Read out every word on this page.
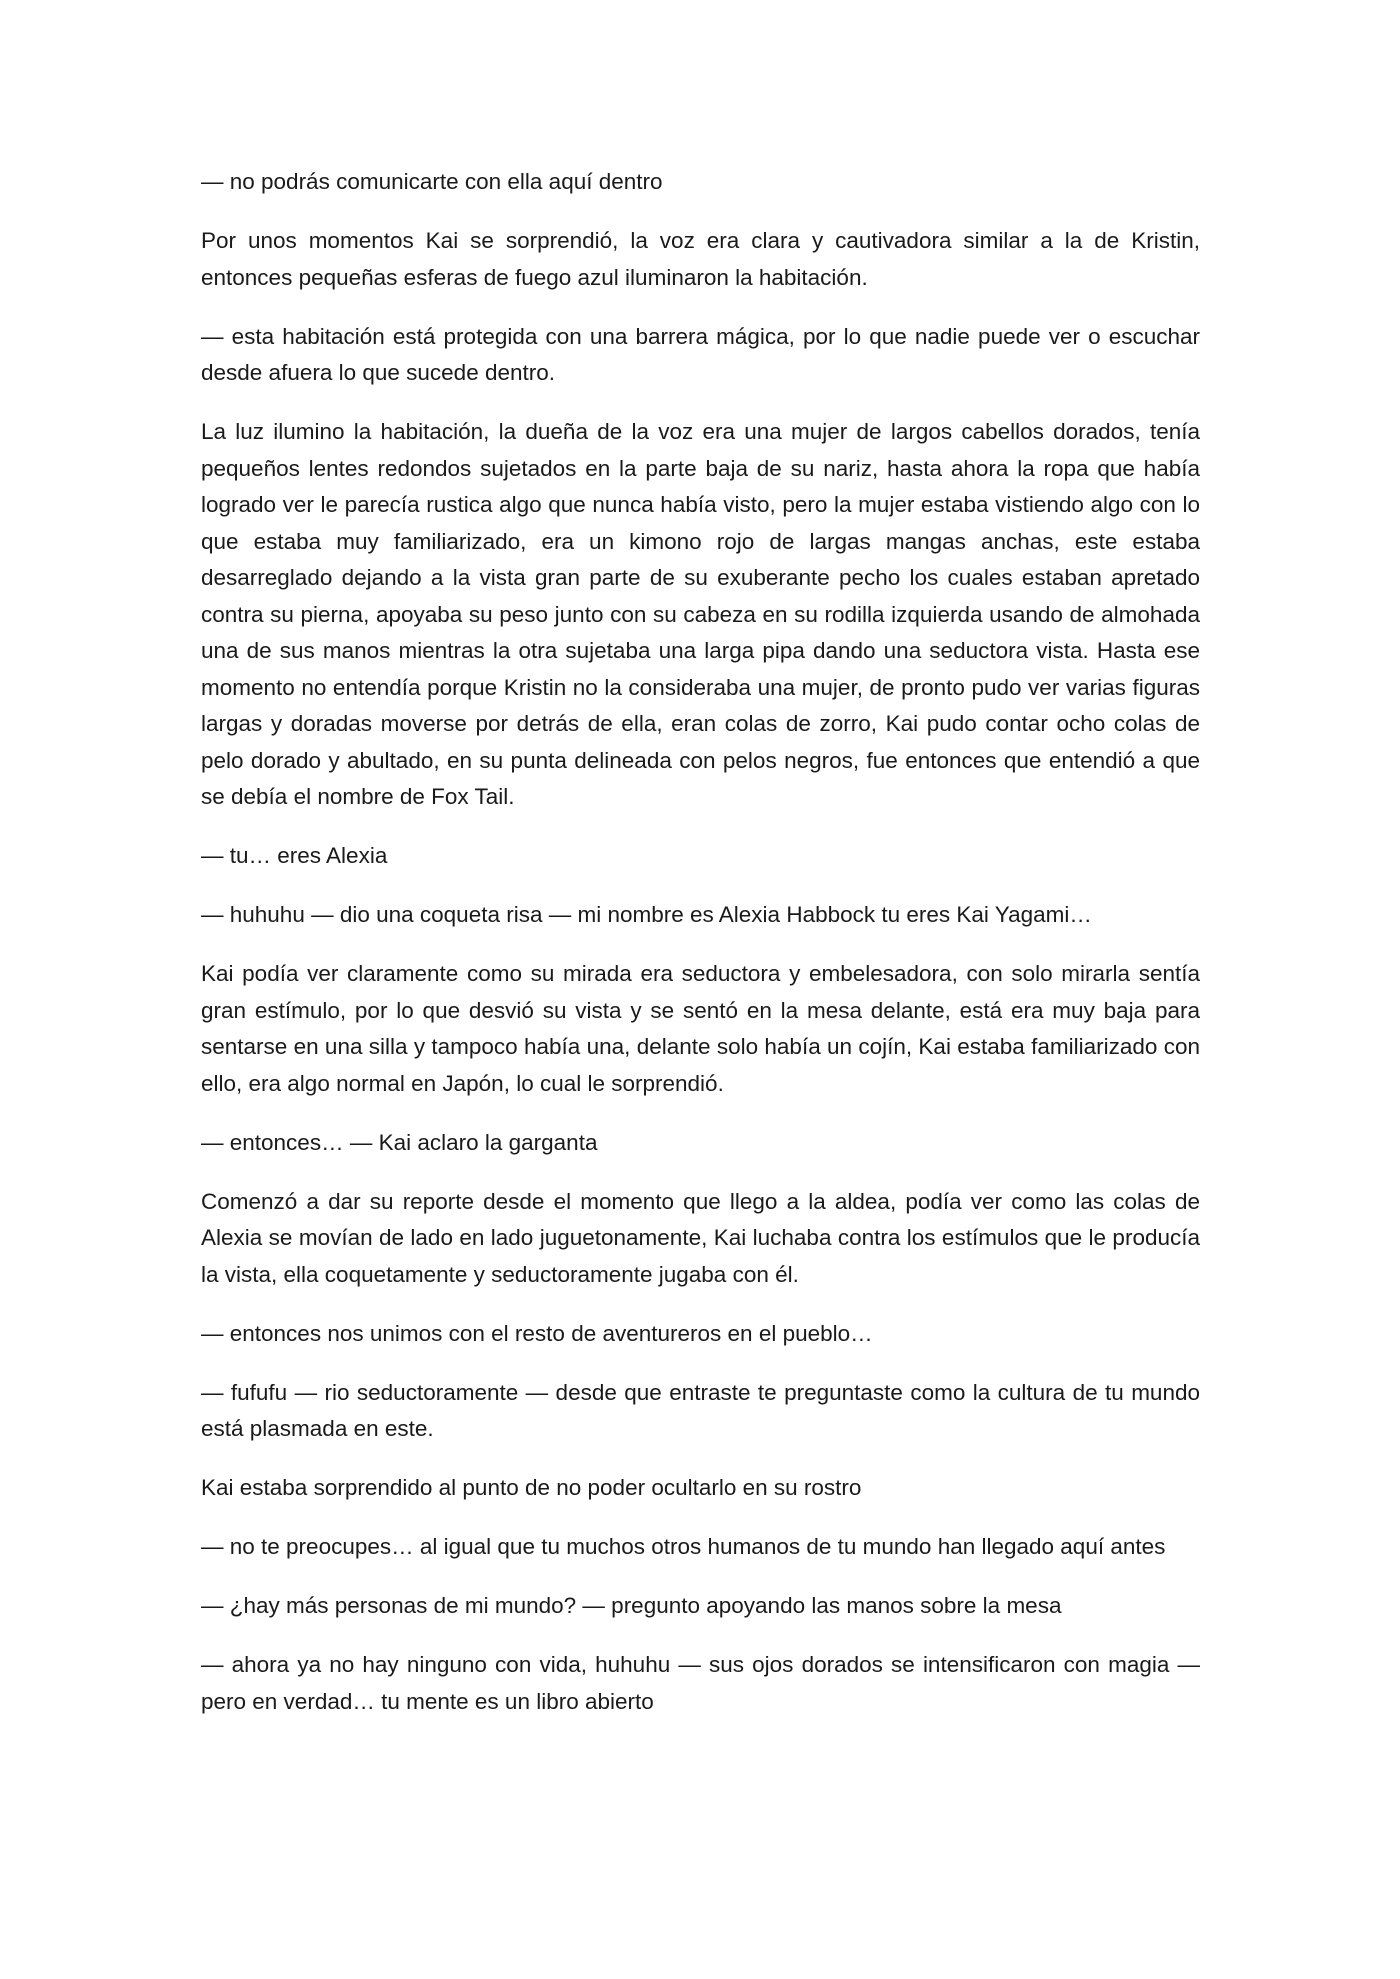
— no podrás comunicarte con ella aquí dentro

Por unos momentos Kai se sorprendió, la voz era clara y cautivadora similar a la de Kristin, entonces pequeñas esferas de fuego azul iluminaron la habitación.

— esta habitación está protegida con una barrera mágica, por lo que nadie puede ver o escuchar desde afuera lo que sucede dentro.

La luz ilumino la habitación, la dueña de la voz era una mujer de largos cabellos dorados, tenía pequeños lentes redondos sujetados en la parte baja de su nariz, hasta ahora la ropa que había logrado ver le parecía rustica algo que nunca había visto, pero la mujer estaba vistiendo algo con lo que estaba muy familiarizado, era un kimono rojo de largas mangas anchas, este estaba desarreglado dejando a la vista gran parte de su exuberante pecho los cuales estaban apretado contra su pierna, apoyaba su peso junto con su cabeza en su rodilla izquierda usando de almohada una de sus manos mientras la otra sujetaba una larga pipa dando una seductora vista. Hasta ese momento no entendía porque Kristin no la consideraba una mujer, de pronto pudo ver varias figuras largas y doradas moverse por detrás de ella, eran colas de zorro, Kai pudo contar ocho colas de pelo dorado y abultado, en su punta delineada con pelos negros, fue entonces que entendió a que se debía el nombre de Fox Tail.

— tu… eres Alexia

— huhuhu — dio una coqueta risa — mi nombre es Alexia Habbock tu eres Kai Yagami…

Kai podía ver claramente como su mirada era seductora y embelesadora, con solo mirarla sentía gran estímulo, por lo que desvió su vista y se sentó en la mesa delante, está era muy baja para sentarse en una silla y tampoco había una, delante solo había un cojín, Kai estaba familiarizado con ello, era algo normal en Japón, lo cual le sorprendió.

— entonces… — Kai aclaro la garganta

Comenzó a dar su reporte desde el momento que llego a la aldea, podía ver como las colas de Alexia se movían de lado en lado juguetonamente, Kai luchaba contra los estímulos que le producía la vista, ella coquetamente y seductoramente jugaba con él.

— entonces nos unimos con el resto de aventureros en el pueblo…

— fufufu — rio seductoramente — desde que entraste te preguntaste como la cultura de tu mundo está plasmada en este.

Kai estaba sorprendido al punto de no poder ocultarlo en su rostro

— no te preocupes… al igual que tu muchos otros humanos de tu mundo han llegado aquí antes

— ¿hay más personas de mi mundo? — pregunto apoyando las manos sobre la mesa

— ahora ya no hay ninguno con vida, huhuhu — sus ojos dorados se intensificaron con magia — pero en verdad… tu mente es un libro abierto
